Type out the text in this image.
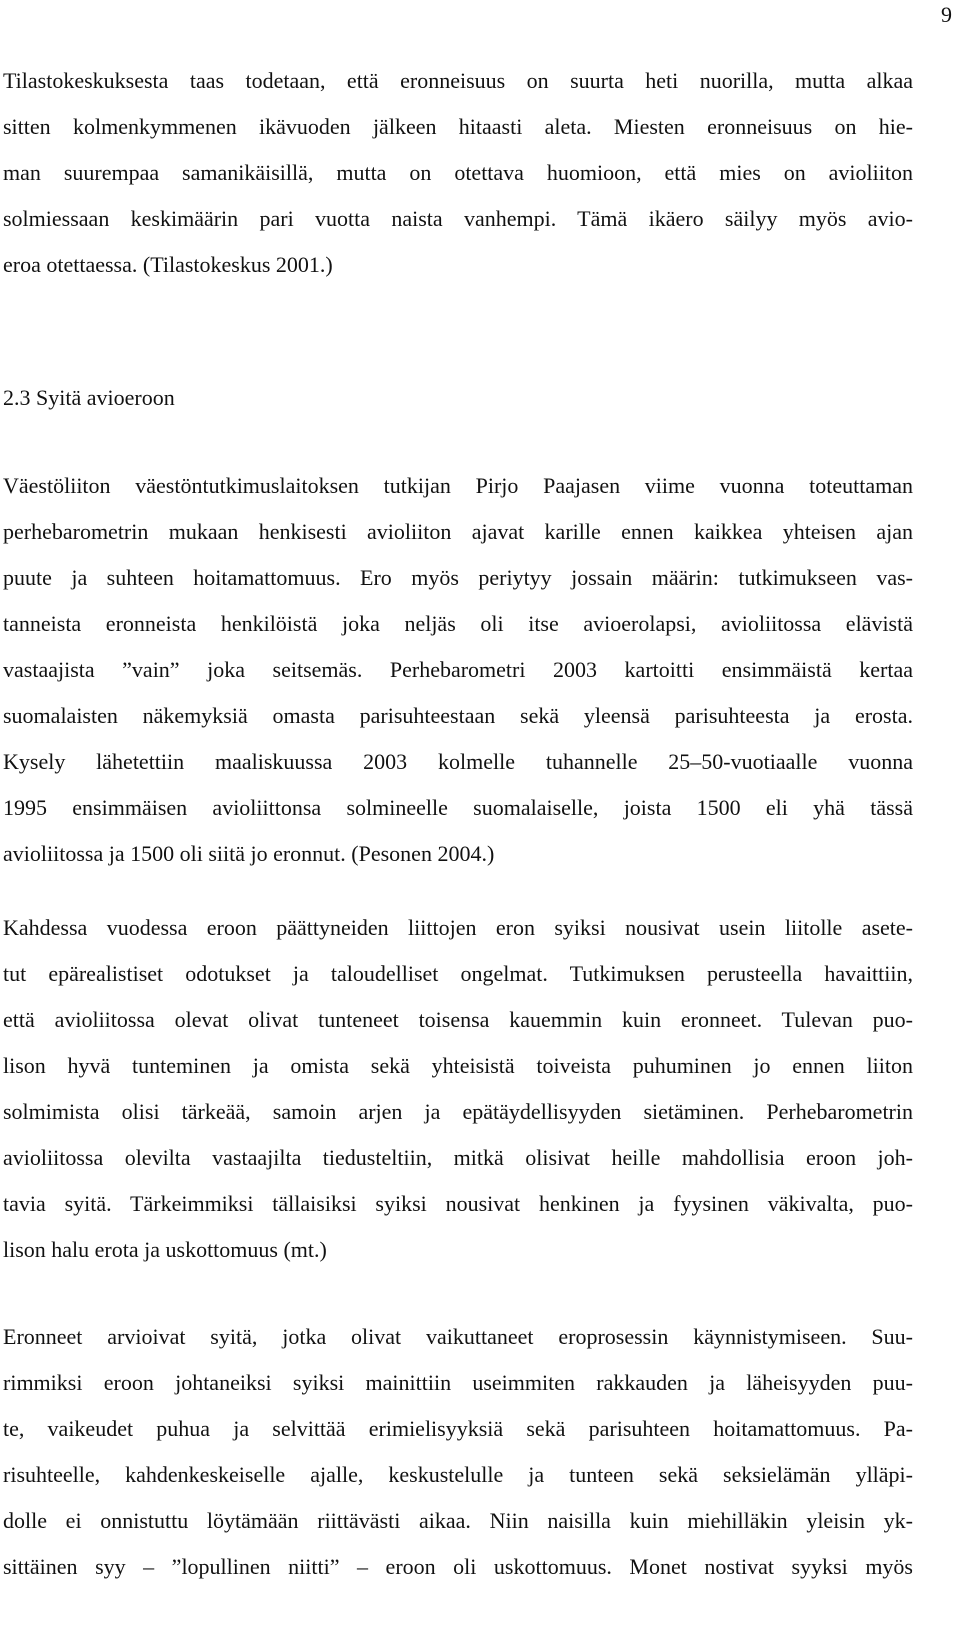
9
Tilastokeskuksesta taas todetaan, että eronneisuus on suurta heti nuorilla, mutta alkaa
sitten kolmenkymmenen ikävuoden jälkeen hitaasti aleta. Miesten eronneisuus on hie-
man suurempaa samanikäisillä, mutta on otettava huomioon, että mies on avioliiton
solmiessaan keskimäärin pari vuotta naista vanhempi. Tämä ikäero säilyy myös avio-
eroa otettaessa. (Tilastokeskus 2001.)
2.3 Syitä avioeroon
Väestöliiton väestöntutkimuslaitoksen tutkijan Pirjo Paajasen viime vuonna toteuttaman
perhebarometrin mukaan henkisesti avioliiton ajavat karille ennen kaikkea yhteisen ajan
puute ja suhteen hoitamattomuus. Ero myös periytyy jossain määrin: tutkimukseen vas-
tanneista eronneista henkilöistä joka neljäs oli itse avioerolapsi, avioliitossa elävistä
vastaajista ”vain” joka seitsemäs. Perhebarometri 2003 kartoitti ensimmäistä kertaa
suomalaisten näkemyksiä omasta parisuhteestaan sekä yleensä parisuhteesta ja erosta.
Kysely lähetettiin maaliskuussa 2003 kolmelle tuhannelle 25–50-vuotiaalle vuonna
1995 ensimmäisen avioliittonsa solmineelle suomalaiselle, joista 1500 eli yhä tässä
avioliitossa ja 1500 oli siitä jo eronnut. (Pesonen 2004.)
Kahdessa vuodessa eroon päättyneiden liittojen eron syiksi nousivat usein liitolle asete-
tut epärealistiset odotukset ja taloudelliset ongelmat. Tutkimuksen perusteella havaittiin,
että avioliitossa olevat olivat tunteneet toisensa kauemmin kuin eronneet. Tulevan puo-
lison hyvä tunteminen ja omista sekä yhteisistä toiveista puhuminen jo ennen liiton
solmimista olisi tärkeää, samoin arjen ja epätäydellisyyden sietäminen. Perhebarometrin
avioliitossa olevilta vastaajilta tiedusteltiin, mitkä olisivat heille mahdollisia eroon joh-
tavia syitä. Tärkeimmiksi tällaisiksi syiksi nousivat henkinen ja fyysinen väkivalta, puo-
lison halu erota ja uskottomuus (mt.)
Eronneet arvioivat syitä, jotka olivat vaikuttaneet eroprosessin käynnistymiseen. Suu-
rimmiksi eroon johtaneiksi syiksi mainittiin useimmiten rakkauden ja läheisyyden puu-
te, vaikeudet puhua ja selvittää erimielisyyksiä sekä parisuhteen hoitamattomuus. Pa-
risuhteelle, kahdenkeskeiselle ajalle, keskustelulle ja tunteen sekä seksielämän ylläpi-
dolle ei onnistuttu löytämään riittävästi aikaa. Niin naisilla kuin miehilläkin yleisin yk-
sittäinen syy – ”lopullinen niitti” – eroon oli uskottomuus. Monet nostivat syyksi myös
